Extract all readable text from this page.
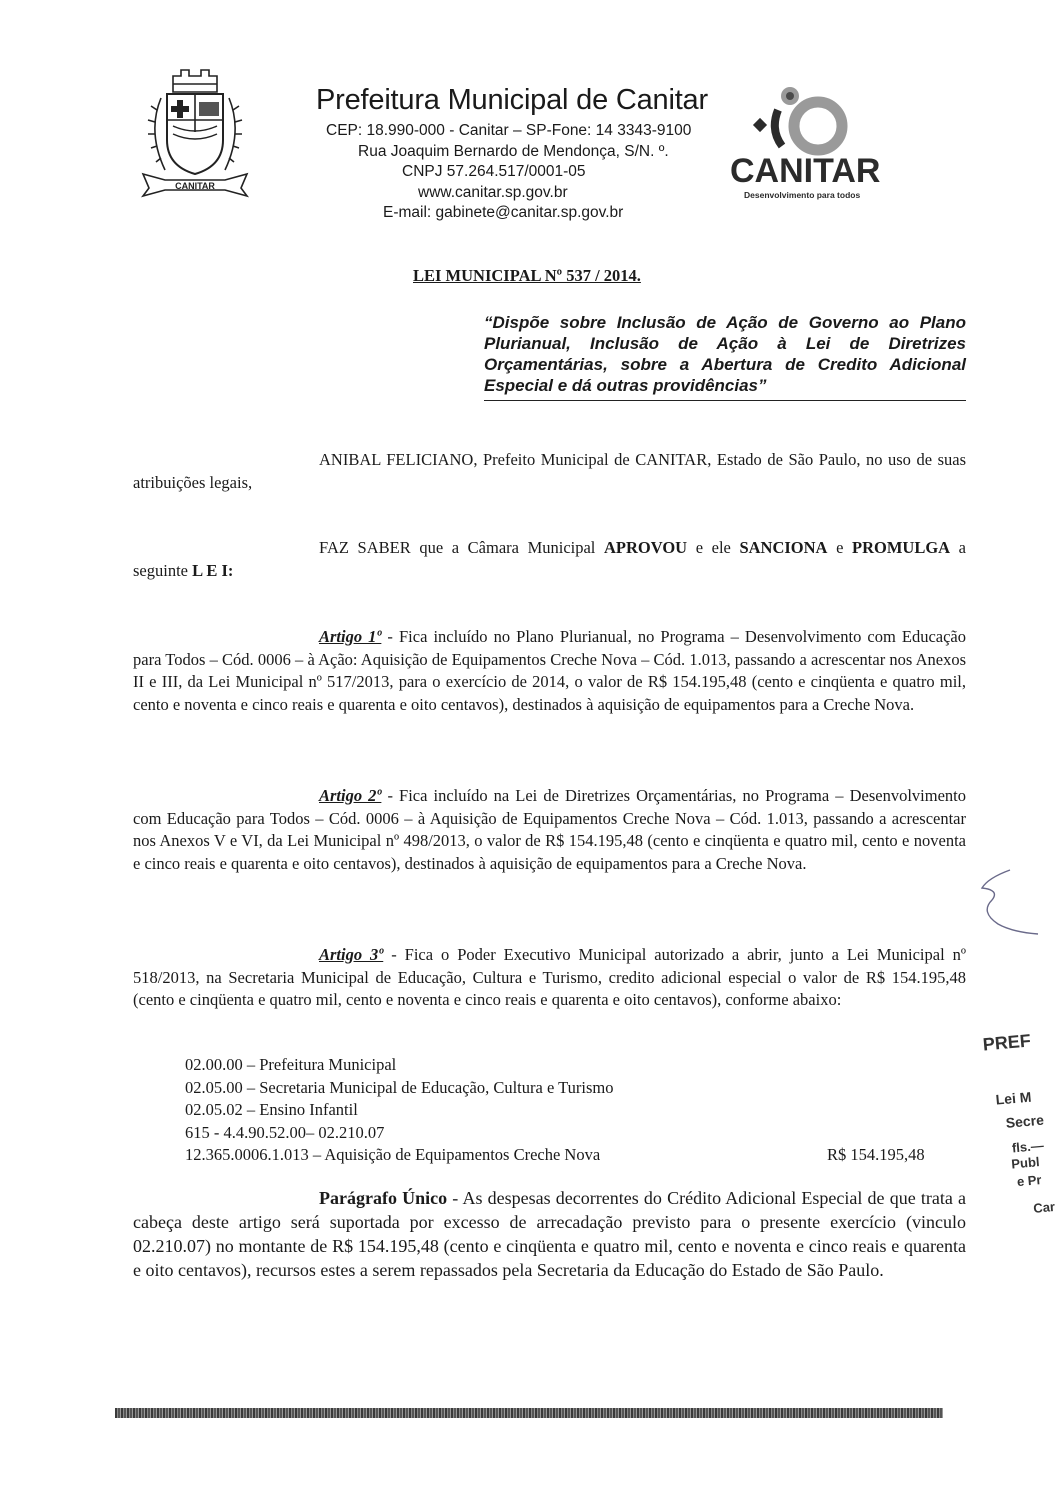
CANITAR	CANITAR
Desenvolvimento para todos
Prefeitura Municipal de Canitar
CEP: 18.990-000 - Canitar – SP-Fone: 14 3343-9100
Rua Joaquim Bernardo de Mendonça, S/N. º.
CNPJ 57.264.517/0001-05
www.canitar.sp.gov.br
E-mail: gabinete@canitar.sp.gov.br
LEI MUNICIPAL Nº 537 / 2014.
“Dispõe sobre Inclusão de Ação de Governo ao Plano Plurianual, Inclusão de Ação à Lei de Diretrizes Orçamentárias, sobre a Abertura de Credito Adicional Especial e dá outras providências”
ANIBAL FELICIANO, Prefeito Municipal de CANITAR, Estado de São Paulo, no uso de suas atribuições legais,
FAZ SABER que a Câmara Municipal APROVOU e ele SANCIONA e PROMULGA a seguinte L E I:
Artigo 1º - Fica incluído no Plano Plurianual, no Programa – Desenvolvimento com Educação para Todos – Cód. 0006 – à Ação: Aquisição de Equipamentos Creche Nova – Cód. 1.013, passando a acrescentar nos Anexos II e III, da Lei Municipal nº 517/2013, para o exercício de 2014, o valor de R$ 154.195,48 (cento e cinqüenta e quatro mil, cento e noventa e cinco reais e quarenta e oito centavos), destinados à aquisição de equipamentos para a Creche Nova.
Artigo 2º - Fica incluído na Lei de Diretrizes Orçamentárias, no Programa – Desenvolvimento com Educação para Todos – Cód. 0006 – à Aquisição de Equipamentos Creche Nova – Cód. 1.013, passando a acrescentar nos Anexos V e VI, da Lei Municipal nº 498/2013, o valor de R$ 154.195,48 (cento e cinqüenta e quatro mil, cento e noventa e cinco reais e quarenta e oito centavos), destinados à aquisição de equipamentos para a Creche Nova.
Artigo 3º - Fica o Poder Executivo Municipal autorizado a abrir, junto a Lei Municipal nº 518/2013, na Secretaria Municipal de Educação, Cultura e Turismo, credito adicional especial o valor de R$ 154.195,48 (cento e cinqüenta e quatro mil, cento e noventa e cinco reais e quarenta e oito centavos), conforme abaixo:
02.00.00 – Prefeitura Municipal
02.05.00 – Secretaria Municipal de Educação, Cultura e Turismo
02.05.02 – Ensino Infantil
615 - 4.4.90.52.00– 02.210.07
12.365.0006.1.013 – Aquisição de Equipamentos Creche Nova	R$ 154.195,48
Parágrafo Único - As despesas decorrentes do Crédito Adicional Especial de que trata a cabeça deste artigo será suportada por excesso de arrecadação previsto para o presente exercício (vinculo 02.210.07) no montante de R$ 154.195,48 (cento e cinqüenta e quatro mil, cento e noventa e cinco reais e quarenta e oito centavos), recursos estes a serem repassados pela Secretaria da Educação do Estado de São Paulo.
PREF
Lei M
Secre
fls.—
Publ
e Pr
Car
